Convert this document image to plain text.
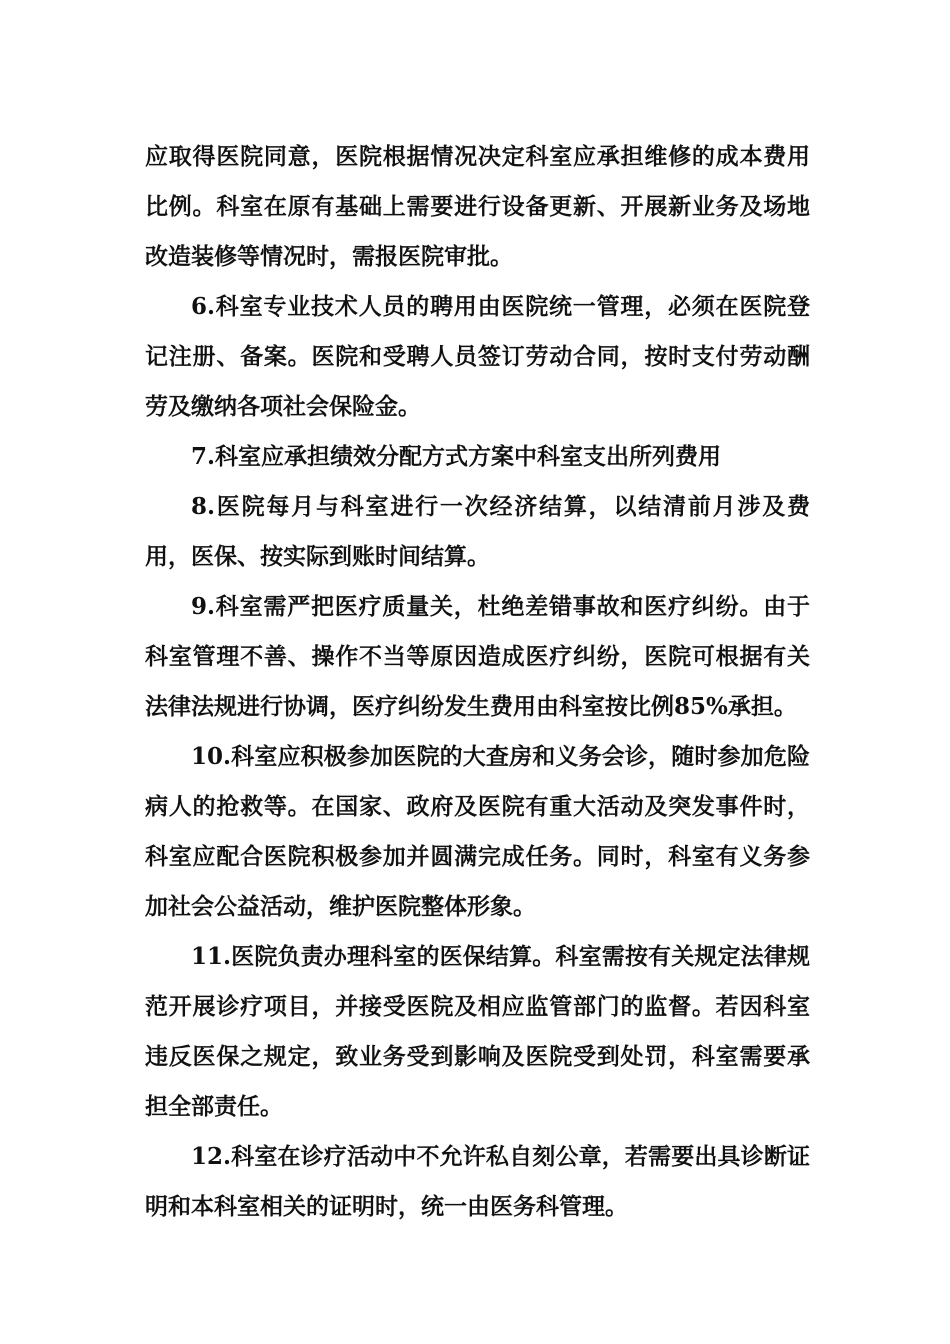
应取得医院同意，医院根据情况决定科室应承担维修的成本费用比例。科室在原有基础上需要进行设备更新、开展新业务及场地改造装修等情况时，需报医院审批。

6.科室专业技术人员的聘用由医院统一管理，必须在医院登记注册、备案。医院和受聘人员签订劳动合同，按时支付劳动酬劳及缴纳各项社会保险金。

7.科室应承担绩效分配方式方案中科室支出所列费用

8.医院每月与科室进行一次经济结算，以结清前月涉及费用，医保、按实际到账时间结算。

9.科室需严把医疗质量关，杜绝差错事故和医疗纠纷。由于科室管理不善、操作不当等原因造成医疗纠纷，医院可根据有关法律法规进行协调，医疗纠纷发生费用由科室按比例85%承担。

10.科室应积极参加医院的大查房和义务会诊，随时参加危险病人的抢救等。在国家、政府及医院有重大活动及突发事件时，科室应配合医院积极参加并圆满完成任务。同时，科室有义务参加社会公益活动，维护医院整体形象。

11.医院负责办理科室的医保结算。科室需按有关规定法律规范开展诊疗项目，并接受医院及相应监管部门的监督。若因科室违反医保之规定，致业务受到影响及医院受到处罚，科室需要承担全部责任。

12.科室在诊疗活动中不允许私自刻公章，若需要出具诊断证明和本科室相关的证明时，统一由医务科管理。
